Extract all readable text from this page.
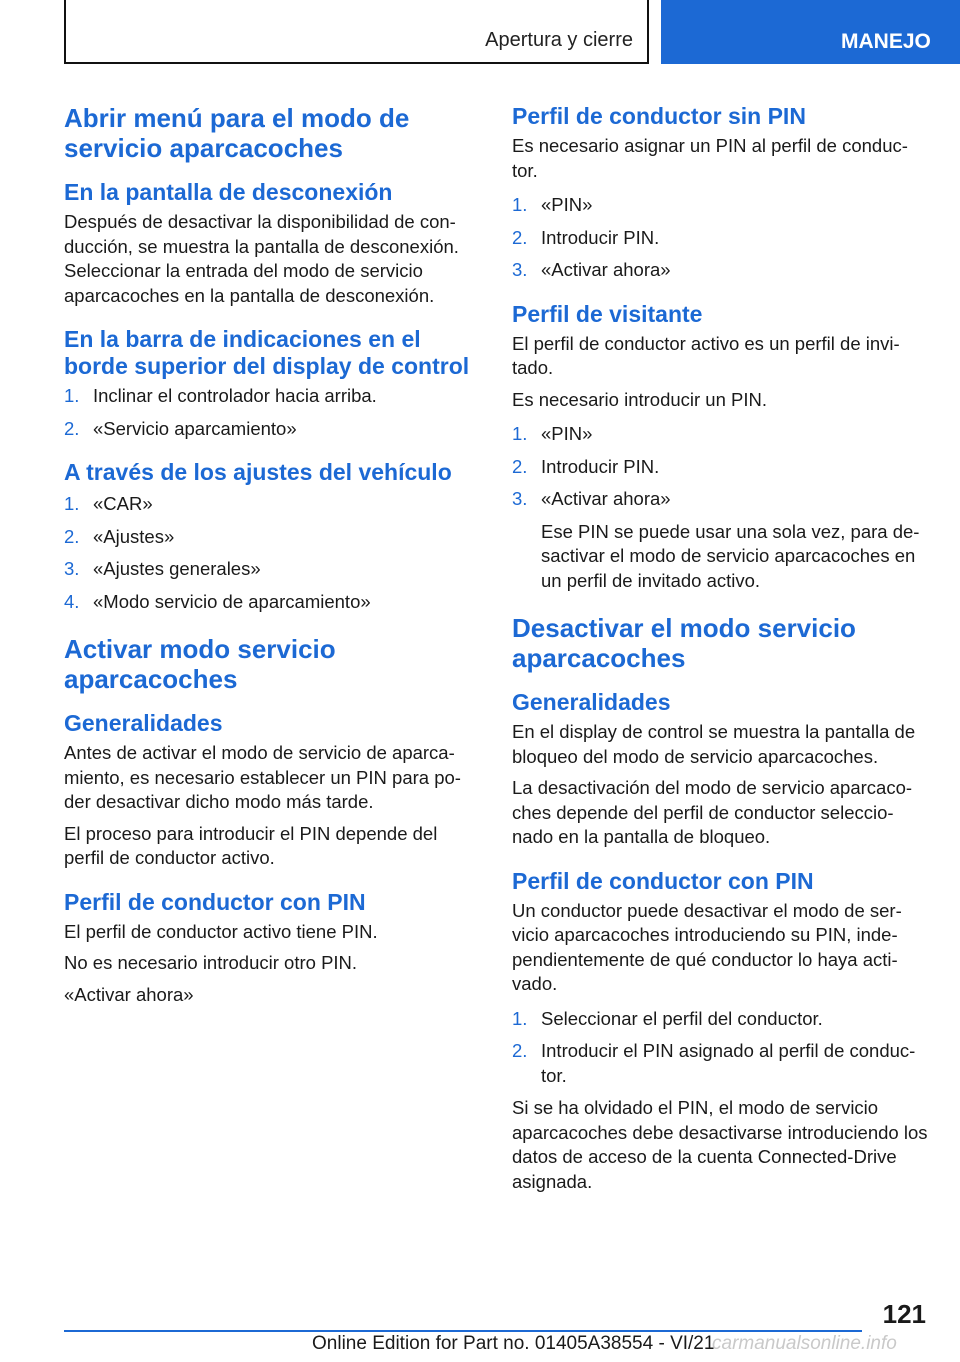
Apertura y cierre	MANEJO
Abrir menú para el modo de servicio aparcacoches
En la pantalla de desconexión

Después de desactivar la disponibilidad de con-ducción, se muestra la pantalla de desconexión. Seleccionar la entrada del modo de servicio aparcacoches en la pantalla de desconexión.

En la barra de indicaciones en el borde superior del display de control
1. Inclinar el controlador hacia arriba.
2. «Servicio aparcamiento»
A través de los ajustes del vehículo
1. «CAR»
2. «Ajustes»
3. «Ajustes generales»
4. «Modo servicio de aparcamiento»
Activar modo servicio aparcacoches
Generalidades

Antes de activar el modo de servicio de aparca-miento, es necesario establecer un PIN para po-der desactivar dicho modo más tarde.

El proceso para introducir el PIN depende del perfil de conductor activo.

Perfil de conductor con PIN

El perfil de conductor activo tiene PIN.

No es necesario introducir otro PIN.

«Activar ahora»

Perfil de conductor sin PIN

Es necesario asignar un PIN al perfil de conduc-tor.

1. «PIN»
2. Introducir PIN.
3. «Activar ahora»
Perfil de visitante

El perfil de conductor activo es un perfil de invi-tado.

Es necesario introducir un PIN.

1. «PIN»
2. Introducir PIN.
3. «Activar ahora»

Ese PIN se puede usar una sola vez, para de-sactivar el modo de servicio aparcacoches en un perfil de invitado activo.

Desactivar el modo servicio aparcacoches
Generalidades

En el display de control se muestra la pantalla de bloqueo del modo de servicio aparcacoches.

La desactivación del modo de servicio aparcaco-ches depende del perfil de conductor seleccio-nado en la pantalla de bloqueo.

Perfil de conductor con PIN

Un conductor puede desactivar el modo de ser-vicio aparcacoches introduciendo su PIN, inde-pendientemente de qué conductor lo haya acti-vado.

1. Seleccionar el perfil del conductor.
2. Introducir el PIN asignado al perfil de conduc-tor.

Si se ha olvidado el PIN, el modo de servicio aparcacoches debe desactivarse introduciendo los datos de acceso de la cuenta Connected-Drive asignada.

121
Online Edition for Part no. 01405A38554 - VI/21
carmanualsonline.info
